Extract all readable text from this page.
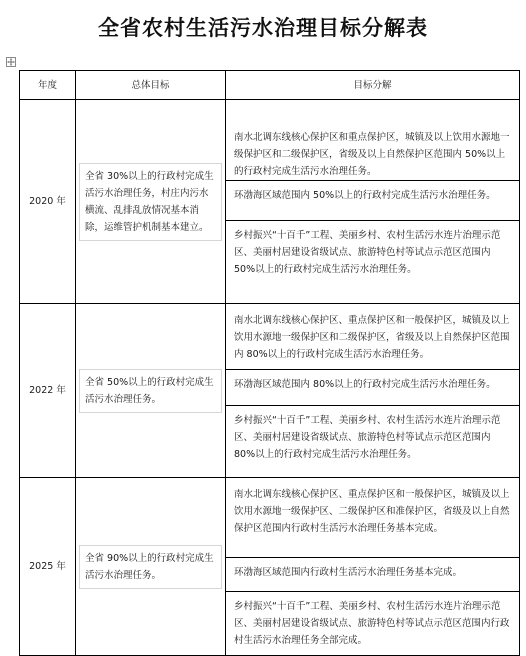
全省农村生活污水治理目标分解表
年度	总体目标	目标分解
2020 年	全省 30%以上的行政村完成生活污水治理任务，村庄内污水横流、乱排乱放情况基本消除，运维管护机制基本建立。	南水北调东线核心保护区和重点保护区，城镇及以上饮用水源地一级保护区和二级保护区，省级及以上自然保护区范围内 50%以上的行政村完成生活污水治理任务。
环渤海区域范围内 50%以上的行政村完成生活污水治理任务。
乡村振兴“十百千”工程、美丽乡村、农村生活污水连片治理示范区、美丽村居建设省级试点、旅游特色村等试点示范区范围内 50%以上的行政村完成生活污水治理任务。

2022 年	全省 50%以上的行政村完成生活污水治理任务。	南水北调东线核心保护区、重点保护区和一般保护区，城镇及以上饮用水源地一级保护区和二级保护区，省级及以上自然保护区范围内 80%以上的行政村完成生活污水治理任务。
环渤海区域范围内 80%以上的行政村完成生活污水治理任务。
乡村振兴“十百千”工程、美丽乡村、农村生活污水连片治理示范区、美丽村居建设省级试点、旅游特色村等试点示范区范围内 80%以上的行政村完成生活污水治理任务。

2025 年	全省 90%以上的行政村完成生活污水治理任务。	南水北调东线核心保护区、重点保护区和一般保护区，城镇及以上饮用水源地一级保护区、二级保护区和准保护区，省级及以上自然保护区范围内行政村生活污水治理任务基本完成。
环渤海区域范围内行政村生活污水治理任务基本完成。
乡村振兴“十百千”工程、美丽乡村、农村生活污水连片治理示范区、美丽村居建设省级试点、旅游特色村等试点示范区范围内行政村生活污水治理任务全部完成。
